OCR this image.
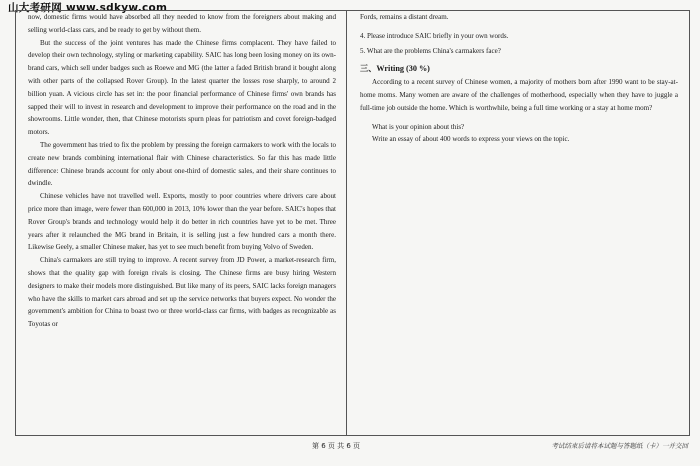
山大考研网 www.sdkyw.com

now, domestic firms would have absorbed all they needed to know from the foreigners about making and selling world-class cars, and be ready to get by without them.

But the success of the joint ventures has made the Chinese firms complacent. They have failed to develop their own technology, styling or marketing capability. SAIC has long been losing money on its own-brand cars, which sell under badges such as Roewe and MG (the latter a faded British brand it bought along with other parts of the collapsed Rover Group). In the latest quarter the losses rose sharply, to around 2 billion yuan. A vicious circle has set in: the poor financial performance of Chinese firms' own brands has sapped their will to invest in research and development to improve their performance on the road and in the showrooms. Little wonder, then, that Chinese motorists spurn pleas for patriotism and covet foreign-badged motors.

The government has tried to fix the problem by pressing the foreign carmakers to work with the locals to create new brands combining international flair with Chinese characteristics. So far this has made little difference: Chinese brands account for only about one-third of domestic sales, and their share continues to dwindle.

Chinese vehicles have not travelled well. Exports, mostly to poor countries where drivers care about price more than image, were fewer than 600,000 in 2013, 10% lower than the year before. SAIC's hopes that Rover Group's brands and technology would help it do better in rich countries have yet to be met. Three years after it relaunched the MG brand in Britain, it is selling just a few hundred cars a month there. Likewise Geely, a smaller Chinese maker, has yet to see much benefit from buying Volvo of Sweden.

China's carmakers are still trying to improve. A recent survey from JD Power, a market-research firm, shows that the quality gap with foreign rivals is closing. The Chinese firms are busy hiring Western designers to make their models more distinguished. But like many of its peers, SAIC lacks foreign managers who have the skills to market cars abroad and set up the service networks that buyers expect. No wonder the government's ambition for China to boast two or three world-class car firms, with badges as recognizable as Toyotas or

Fords, remains a distant dream.

4. Please introduce SAIC briefly in your own words.

5. What are the problems China's carmakers face?

三、Writing (30 %)

According to a recent survey of Chinese women, a majority of mothers born after 1990 want to be stay-at-home moms. Many women are aware of the challenges of motherhood, especially when they have to juggle a full-time job outside the home. Which is worthwhile, being a full time working or a stay at home mom?

What is your opinion about this?

Write an essay of about 400 words to express your views on the topic.

第 6 页 共 6 页	考试结束后请将本试题与答题纸（卡）一并交回
